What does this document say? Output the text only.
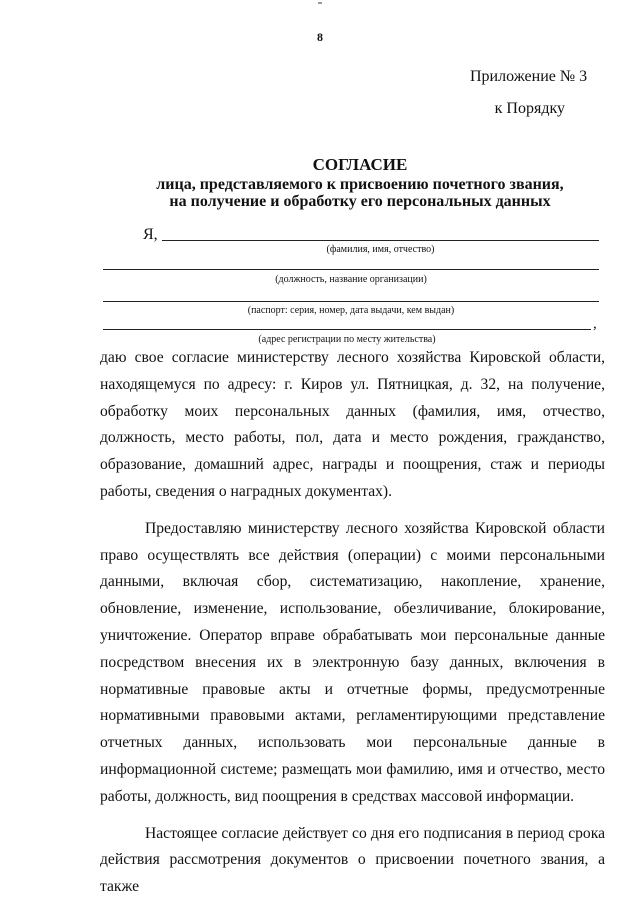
8
Приложение № 3
к Порядку
СОГЛАСИЕ
лица, представляемого к присвоению почетного звания,
на получение и обработку его персональных данных
Я,
(фамилия, имя, отчество)
(должность, название организации)
(паспорт: серия, номер, дата выдачи, кем выдан)
,
(адрес регистрации по месту жительства)

даю свое согласие министерству лесного хозяйства Кировской области, находящемуся по адресу: г. Киров ул. Пятницкая, д. 32, на получение, обработку моих персональных данных (фамилия, имя, отчество, должность, место работы, пол, дата и место рождения, гражданство, образование, домашний адрес, награды и поощрения, стаж и периоды работы, сведения о наградных документах).

Предоставляю министерству лесного хозяйства Кировской области право осуществлять все действия (операции) с моими персональными данными, включая сбор, систематизацию, накопление, хранение, обновление, изменение, использование, обезличивание, блокирование, уничтожение. Оператор вправе обрабатывать мои персональные данные посредством внесения их в электронную базу данных, включения в нормативные правовые акты и отчетные формы, предусмотренные нормативными правовыми актами, регламентирующими представление отчетных данных, использовать мои персональные данные в информационной системе; размещать мои фамилию, имя и отчество, место работы, должность, вид поощрения в средствах массовой информации.

Настоящее согласие действует со дня его подписания в период срока действия рассмотрения документов о присвоении почетного звания, а также
